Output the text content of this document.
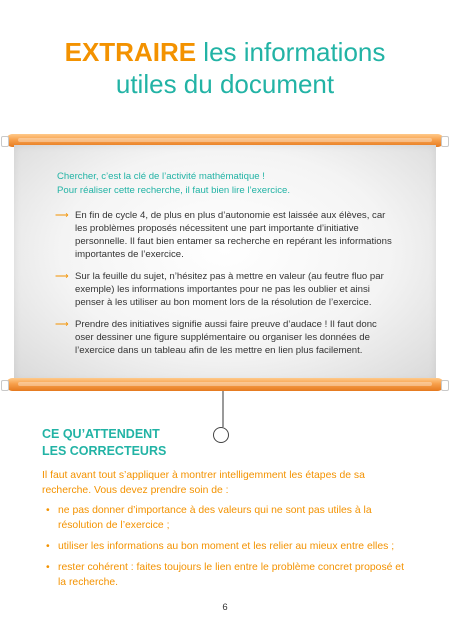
EXTRAIRE les informations
utiles du document
Chercher, c’est la clé de l’activité mathématique !
Pour réaliser cette recherche, il faut bien lire l’exercice.
⟶ En fin de cycle 4, de plus en plus d’autonomie est laissée aux élèves, car les problèmes proposés nécessitent une part importante d’initiative personnelle. Il faut bien entamer sa recherche en repérant les informations importantes de l’exercice.
⟶ Sur la feuille du sujet, n’hésitez pas à mettre en valeur (au feutre fluo par exemple) les informations importantes pour ne pas les oublier et ainsi penser à les utiliser au bon moment lors de la résolution de l’exercice.
⟶ Prendre des initiatives signifie aussi faire preuve d’audace ! Il faut donc oser dessiner une figure supplémentaire ou organiser les données de l’exercice dans un tableau afin de les mettre en lien plus facilement.
CE QU’ATTENDENT
LES CORRECTEURS

Il faut avant tout s’appliquer à montrer intelligemment les étapes de sa recherche. Vous devez prendre soin de :

• ne pas donner d’importance à des valeurs qui ne sont pas utiles à la résolution de l’exercice ;
• utiliser les informations au bon moment et les relier au mieux entre elles ;
• rester cohérent : faites toujours le lien entre le problème concret proposé et la recherche.
6
